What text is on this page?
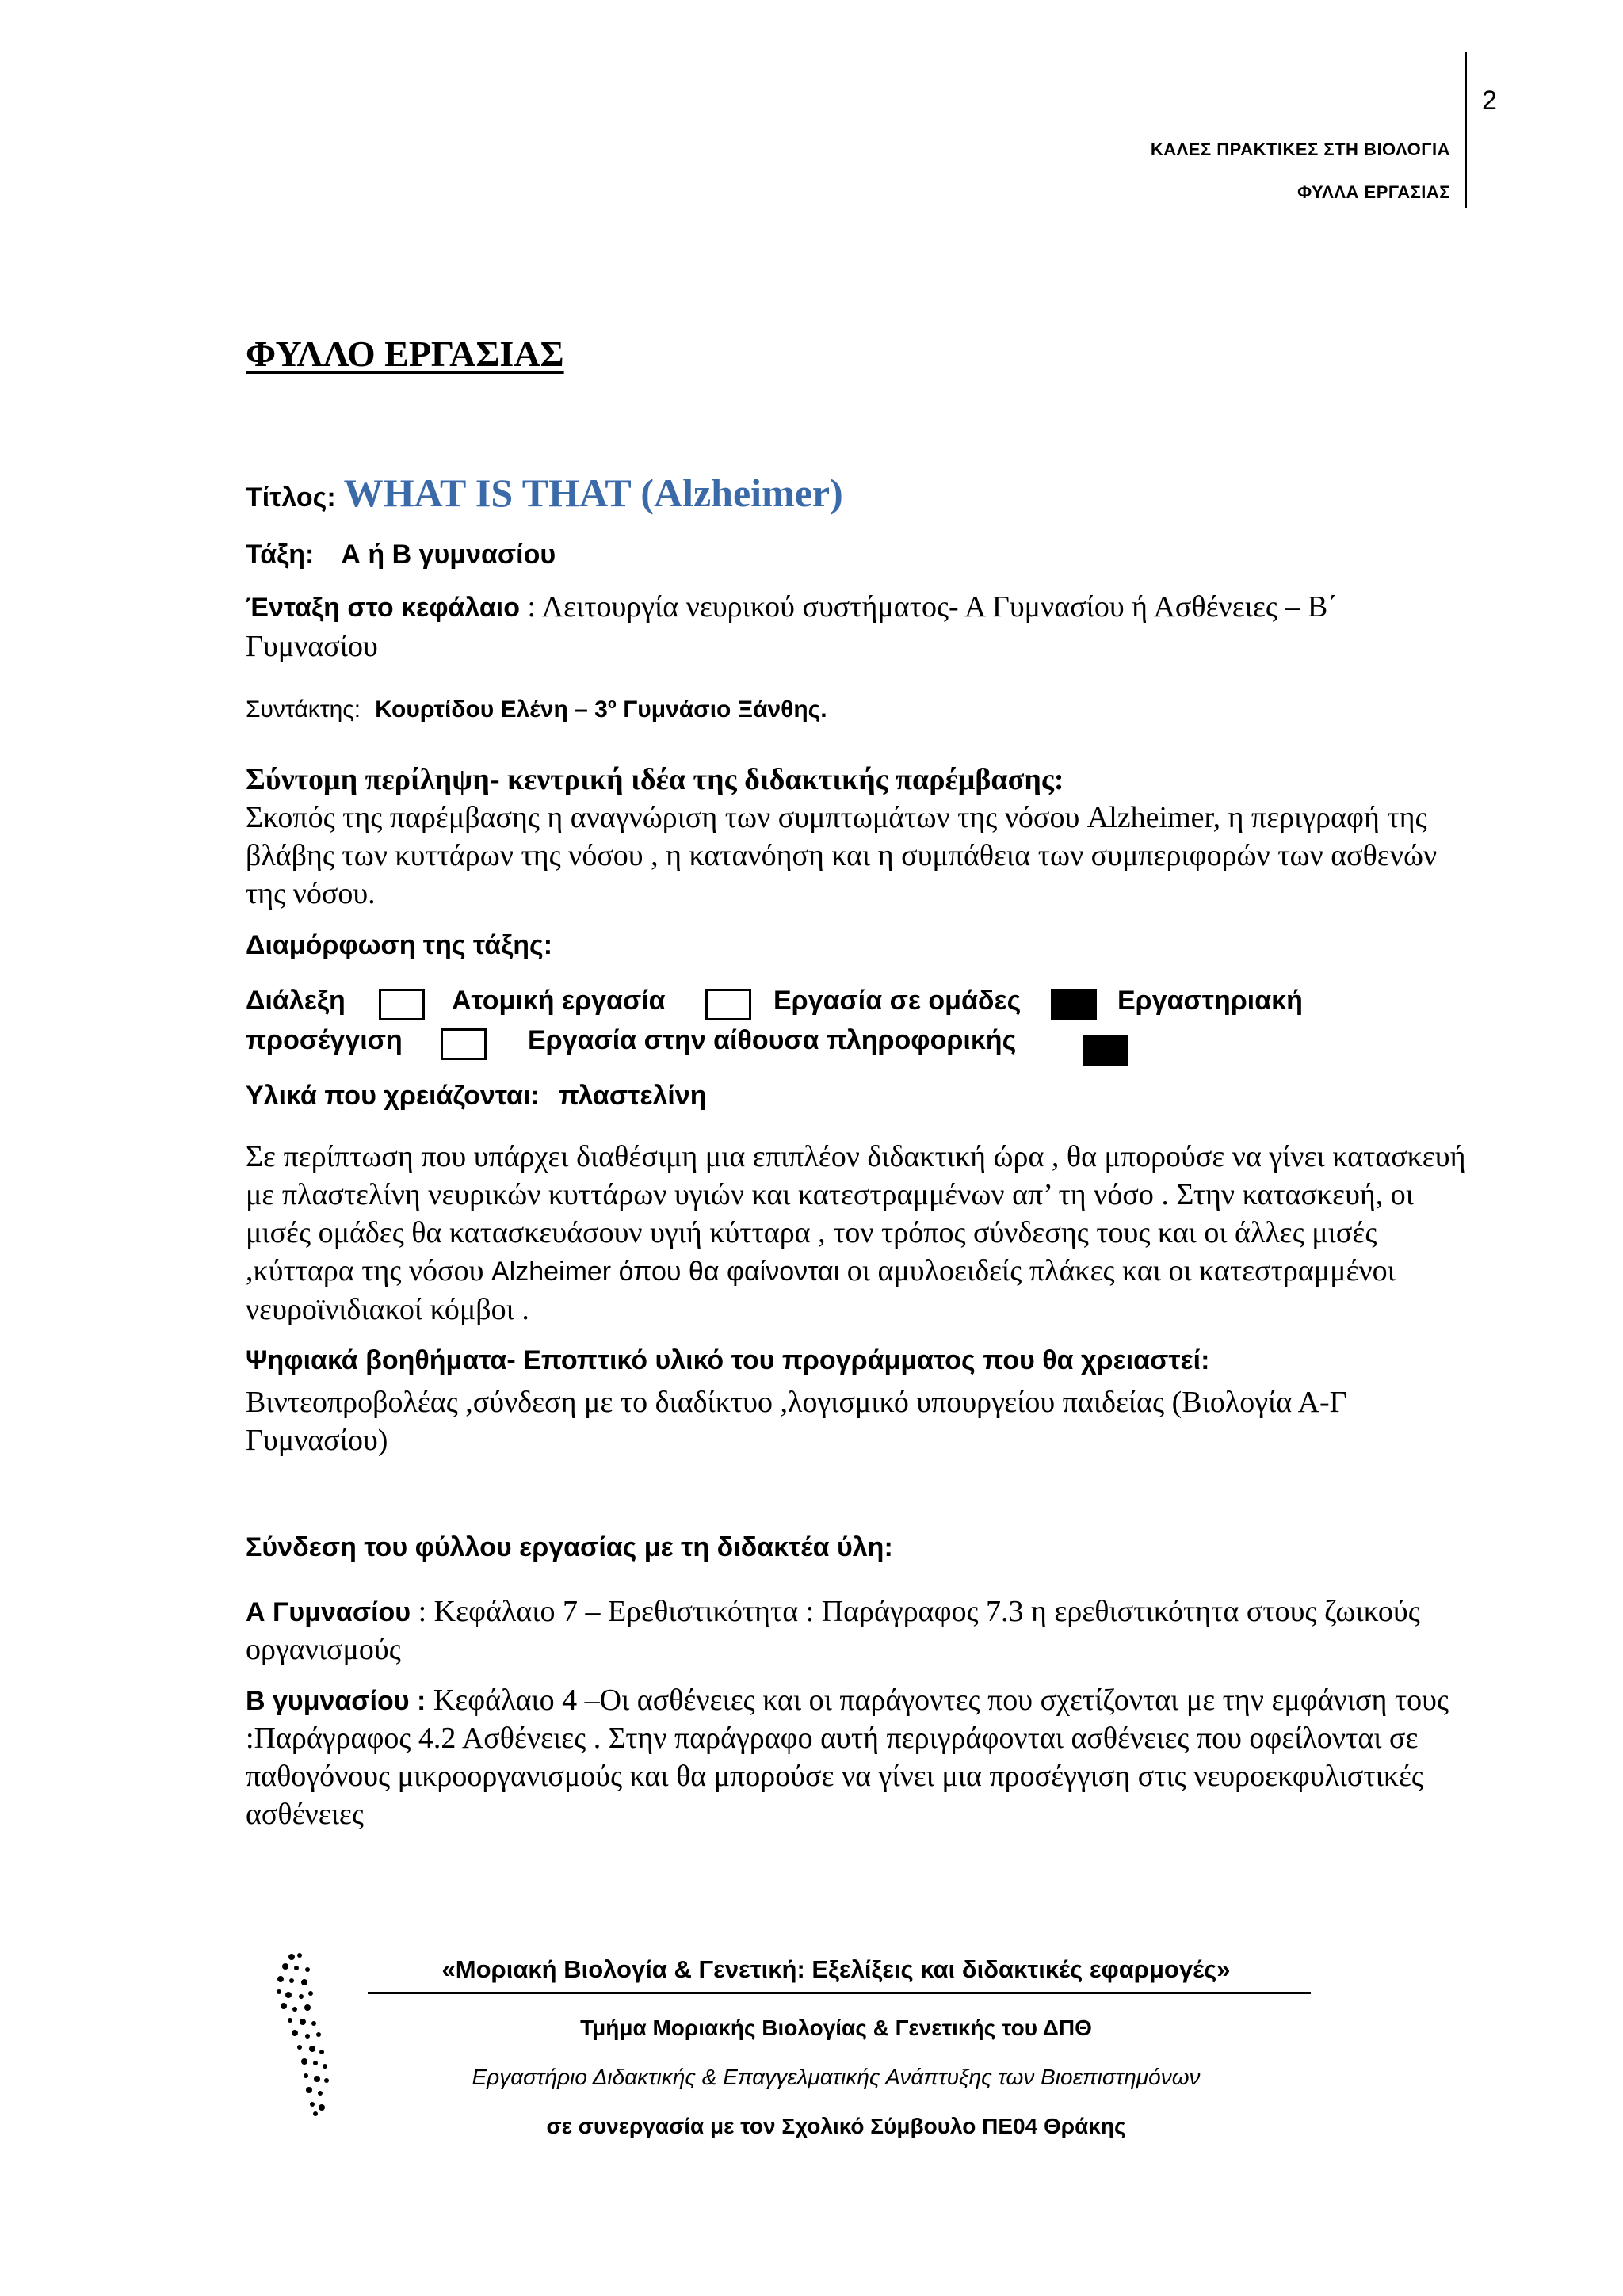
2
ΚΑΛΕΣ ΠΡΑΚΤΙΚΕΣ ΣΤΗ ΒΙΟΛΟΓΙΑ
ΦΥΛΛΑ ΕΡΓΑΣΙΑΣ
ΦΥΛΛΟ ΕΡΓΑΣΙΑΣ
Τίτλος: WHAT IS THAT (Alzheimer)
Τάξη: Α ή Β γυμνασίου
Ένταξη στο κεφάλαιο : Λειτουργία νευρικού συστήματος- Α Γυμνασίου ή Ασθένειες – Β΄ Γυμνασίου
Συντάκτης: Κουρτίδου Ελένη – $3^o$ Γυμνάσιο Ξάνθης.
Σύντομη περίληψη- κεντρική ιδέα της διδακτικής παρέμβασης:
Σκοπός της παρέμβασης η αναγνώριση των συμπτωμάτων της νόσου Alzheimer, η περιγραφή της βλάβης των κυττάρων της νόσου , η κατανόηση και η συμπάθεια των συμπεριφορών των ασθενών της νόσου.
Διαμόρφωση της τάξης:
Διάλεξη	Ατομική εργασία	Εργασία σε ομάδες	Εργαστηριακή
προσέγγιση	Εργασία στην αίθουσα πληροφορικής
Υλικά που χρειάζονται: πλαστελίνη
Σε περίπτωση που υπάρχει διαθέσιμη μια επιπλέον διδακτική ώρα , θα μπορούσε να γίνει κατασκευή με πλαστελίνη νευρικών κυττάρων υγιών και κατεστραμμένων απ’ τη νόσο . Στην κατασκευή, οι μισές ομάδες θα κατασκευάσουν υγιή κύτταρα , τον τρόπος σύνδεσης τους και οι άλλες μισές ,κύτταρα της νόσου Alzheimer όπου θα φαίνονται οι αμυλοειδείς πλάκες και οι κατεστραμμένοι νευροϊνιδιακοί κόμβοι .
Ψηφιακά βοηθήματα- Εποπτικό υλικό του προγράμματος που θα χρειαστεί:
Βιντεοπροβολέας ,σύνδεση με το διαδίκτυο ,λογισμικό υπουργείου παιδείας (Βιολογία Α-Γ Γυμνασίου)
Σύνδεση του φύλλου εργασίας με τη διδακτέα ύλη:
Α Γυμνασίου : Κεφάλαιο 7 – Ερεθιστικότητα : Παράγραφος 7.3 η ερεθιστικότητα στους ζωικούς οργανισμούς
Β γυμνασίου : Κεφάλαιο 4 –Οι ασθένειες και οι παράγοντες που σχετίζονται με την εμφάνιση τους :Παράγραφος 4.2 Ασθένειες . Στην παράγραφο αυτή περιγράφονται ασθένειες που οφείλονται σε παθογόνους μικροοργανισμούς και θα μπορούσε να γίνει μια προσέγγιση στις νευροεκφυλιστικές ασθένειες
«Μοριακή Βιολογία & Γενετική: Εξελίξεις και διδακτικές εφαρμογές»
Τμήμα Μοριακής Βιολογίας & Γενετικής του ΔΠΘ
Εργαστήριο Διδακτικής & Επαγγελματικής Ανάπτυξης των Βιοεπιστημόνων
σε συνεργασία με τον Σχολικό Σύμβουλο ΠΕ04 Θράκης
